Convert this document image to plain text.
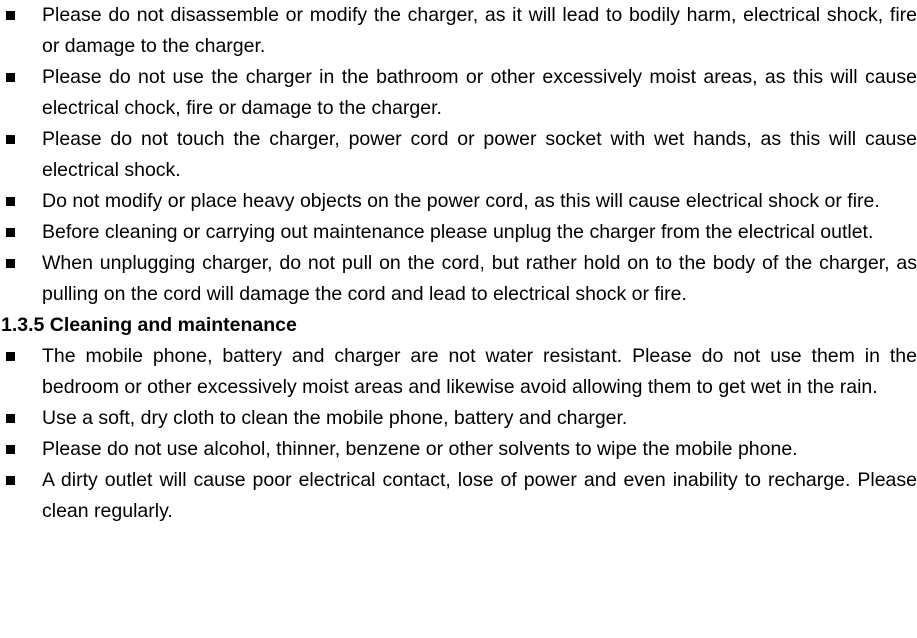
Please do not disassemble or modify the charger, as it will lead to bodily harm, electrical shock, fire or damage to the charger.
Please do not use the charger in the bathroom or other excessively moist areas, as this will cause electrical chock, fire or damage to the charger.
Please do not touch the charger, power cord or power socket with wet hands, as this will cause electrical shock.
Do not modify or place heavy objects on the power cord, as this will cause electrical shock or fire.
Before cleaning or carrying out maintenance please unplug the charger from the electrical outlet.
When unplugging charger, do not pull on the cord, but rather hold on to the body of the charger, as pulling on the cord will damage the cord and lead to electrical shock or fire.
1.3.5 Cleaning and maintenance
The mobile phone, battery and charger are not water resistant. Please do not use them in the bedroom or other excessively moist areas and likewise avoid allowing them to get wet in the rain.
Use a soft, dry cloth to clean the mobile phone, battery and charger.
Please do not use alcohol, thinner, benzene or other solvents to wipe the mobile phone.
A dirty outlet will cause poor electrical contact, lose of power and even inability to recharge. Please clean regularly.
